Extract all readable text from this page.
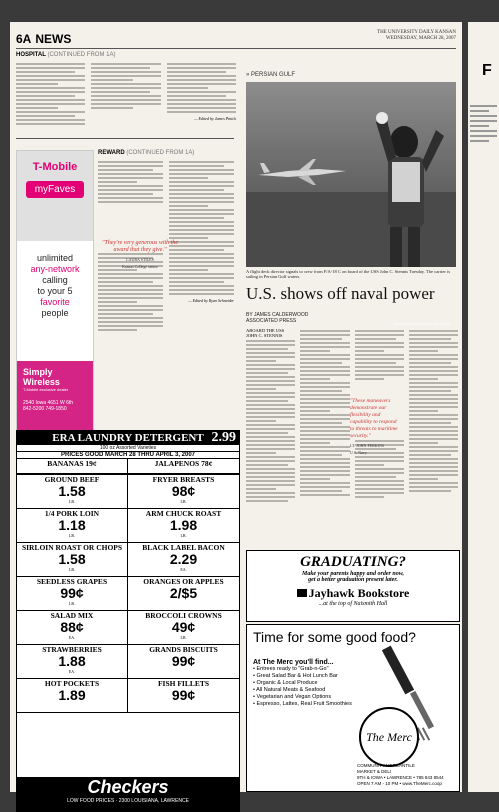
6A NEWS	THE UNIVERSITY DAILY KANSAN
WEDNESDAY, MARCH 28, 2007
HOSPITAL (CONTINUED FROM 1A)
— Edited by James Pinick
T-Mobile
myFaves
unlimited
any-network
calling
to your 5
favorite
people
Simply Wireless
T-Mobile exclusive dealer
2540 Iowa 4651 W 6th
842-5200 749-1850
REWARD (CONTINUED FROM 1A)
— Edited by Ryan Schneider
"They're very generous with the award that they give."
LAURA STILES
Kansas College senior
» PERSIAN GULF
Kamran Jebreili/ASSOCIATED PRESS
A flight deck director signals to crew from F/A-18 C on board of the USS John C. Stennis Tuesday. The carrier is sailing in Persian Gulf waters.
U.S. shows off naval power
BY JAMES CALDERWOOD
ASSOCIATED PRESS
ABOARD THE USS JOHN C. STENNIS
"These maneuvers demonstrate our flexibility and capability to respond to threats to maritime security."
LT. JOHN PERKINS
U.S. Navy
ERA LAUNDRY DETERGENT 2.99
100 oz Assorted Varieties
PRICES GOOD MARCH 28 THRU APRIL 3, 2007
BANANAS 19¢	JALAPENOS 78¢
GROUND BEEF
1.58
LB.
FRYER BREASTS
98¢
LB.
1/4 PORK LOIN
1.18
LB.
ARM CHUCK ROAST
1.98
LB.
SIRLOIN ROAST OR CHOPS
1.58
LB.
BLACK LABEL BACON
2.29
EA.
SEEDLESS GRAPES
99¢
LB.
ORANGES OR APPLES
2/$5
SALAD MIX
88¢
EA.
BROCCOLI CROWNS
49¢
LB.
STRAWBERRIES
1.88
EA.
GRANDS BISCUITS
99¢
HOT POCKETS
1.89
FISH FILLETS
99¢
Checkers
LOW FOOD PRICES · 2300 LOUISIANA, LAWRENCE
GRADUATING?
Make your parents happy and order now,
get a better graduation present later.
Jayhawk Bookstore
...at the top of Naismith Hall
Time for some good food?
At The Merc you'll find...
• Entrees ready to "Grab-n-Go"
• Great Salad Bar & Hot Lunch Bar
• Organic & Local Produce
• All Natural Meats & Seafood
• Vegetarian and Vegan Options
• Espresso, Lattes, Real Fruit Smoothies
The Merc
COMMUNITY MERCANTILE
MARKET & DELI
9TH & IOWA • LAWRENCE • 785 843 8544
OPEN 7 AM - 10 PM • www.TheMerc.coop
F
